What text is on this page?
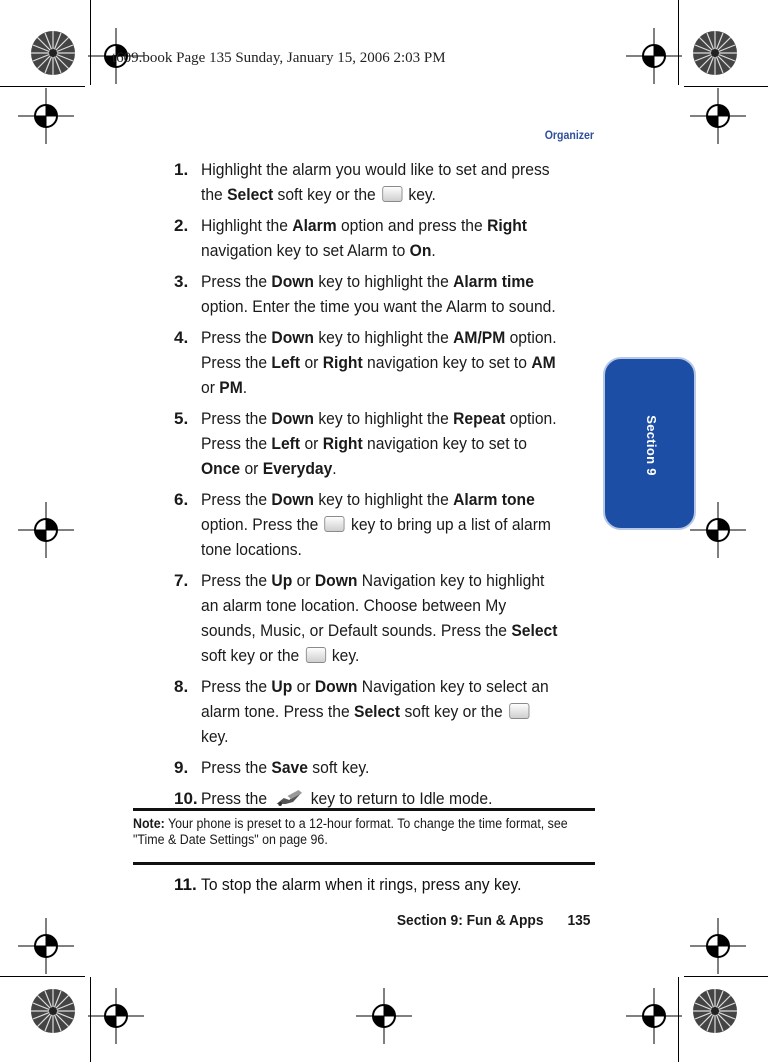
t609.book Page 135 Sunday, January 15, 2006 2:03 PM
Organizer
Section 9
1. Highlight the alarm you would like to set and press the Select soft key or the  key.
2. Highlight the Alarm option and press the Right navigation key to set Alarm to On.
3. Press the Down key to highlight the Alarm time option. Enter the time you want the Alarm to sound.
4. Press the Down key to highlight the AM/PM option. Press the Left or Right navigation key to set to AM or PM.
5. Press the Down key to highlight the Repeat option. Press the Left or Right navigation key to set to Once or Everyday.
6. Press the Down key to highlight the Alarm tone option. Press the  key to bring up a list of alarm tone locations.
7. Press the Up or Down Navigation key to highlight an alarm tone location. Choose between My sounds, Music, or Default sounds. Press the Select soft key or the  key.
8. Press the Up or Down Navigation key to select an alarm tone. Press the Select soft key or the  key.
9. Press the Save soft key.
10. Press the  key to return to Idle mode.
Note: Your phone is preset to a 12-hour format. To change the time format, see "Time & Date Settings" on page 96.
11. To stop the alarm when it rings, press any key.
Section 9: Fun & Apps 135
